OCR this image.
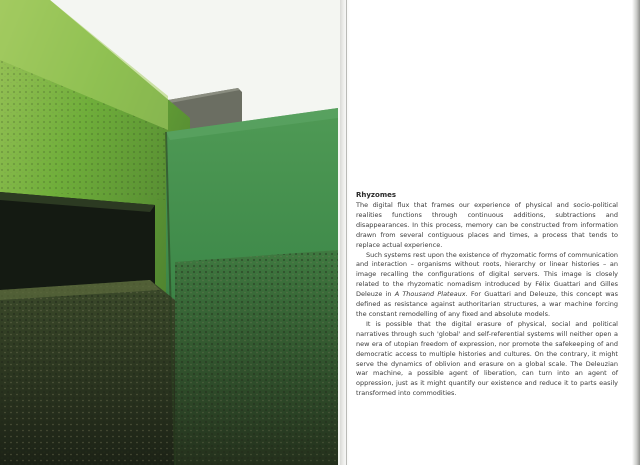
Rhyzomes

The digital flux that frames our experience of physical and socio-political realities functions through continuous additions, subtractions and disappearances. In this process, memory can be constructed from information drawn from several contiguous places and times, a process that tends to replace actual experience.

Such systems rest upon the existence of rhyzomatic forms of communication and interaction – organisms without roots, hierarchy or linear histories – an image recalling the configurations of digital servers. This image is closely related to the rhyzomatic nomadism introduced by Félix Guattari and Gilles Deleuze in A Thousand Plateaux. For Guattari and Deleuze, this concept was defined as resistance against authoritarian structures, a war machine forcing the constant remodelling of any fixed and absolute models.

It is possible that the digital erasure of physical, social and political narratives through such 'global' and self-referential systems will neither open a new era of utopian freedom of expression, nor promote the safekeeping of and democratic access to multiple histories and cultures. On the contrary, it might serve the dynamics of oblivion and erasure on a global scale. The Deleuzian war machine, a possible agent of liberation, can turn into an agent of oppression, just as it might quantify our existence and reduce it to parts easily transformed into commodities.
